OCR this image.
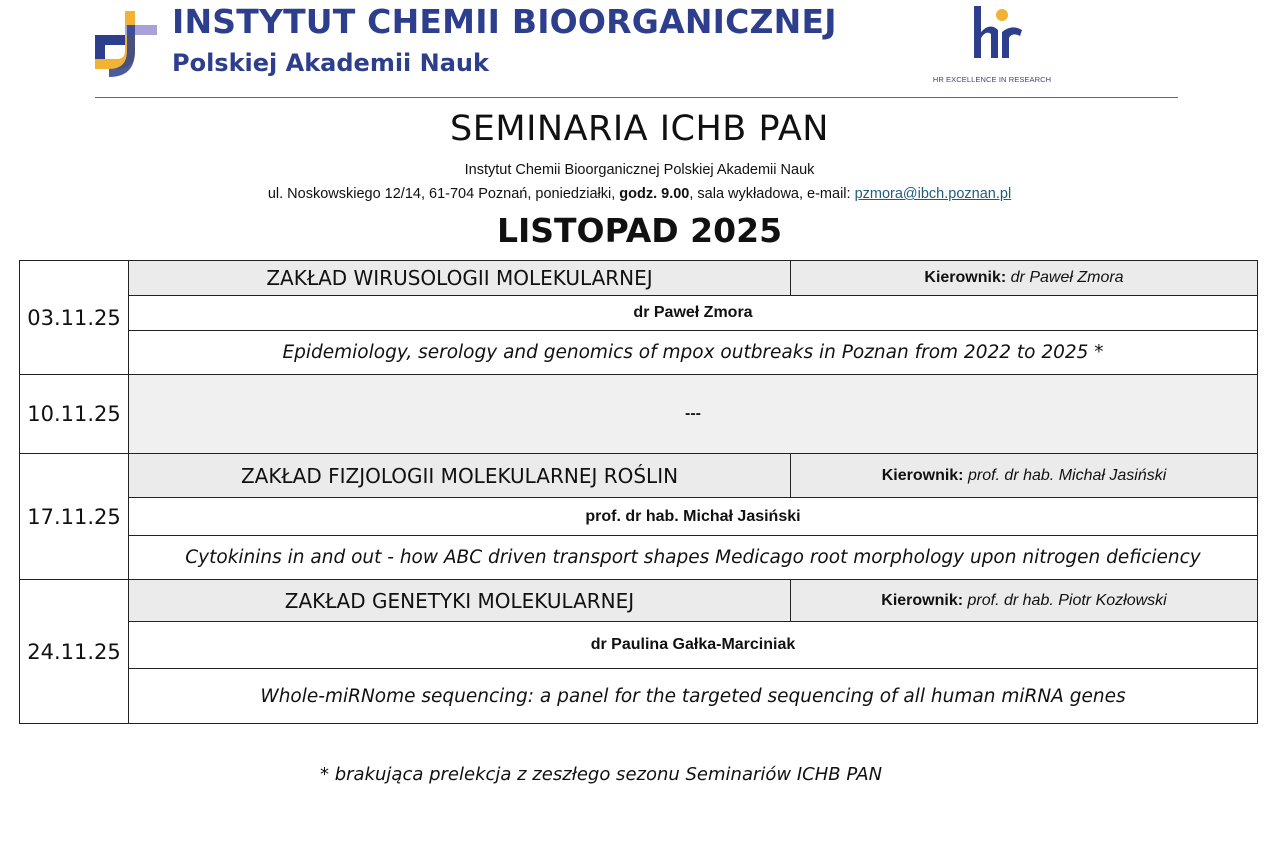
INSTYTUT CHEMII BIOORGANICZNEJ
Polskiej Akademii Nauk
HR EXCELLENCE IN RESEARCH
SEMINARIA ICHB PAN
Instytut Chemii Bioorganicznej Polskiej Akademii Nauk
ul. Noskowskiego 12/14, 61-704 Poznań, poniedziałki, godz. 9.00, sala wykładowa, e-mail: pzmora@ibch.poznan.pl
LISTOPAD 2025
03.11.25	ZAKŁAD WIRUSOLOGII MOLEKULARNEJ	Kierownik: dr Paweł Zmora
	dr Paweł Zmora	
	Epidemiology, serology and genomics of mpox outbreaks in Poznan from 2022 to 2025 *	
10.11.25	---	
17.11.25	ZAKŁAD FIZJOLOGII MOLEKULARNEJ ROŚLIN	Kierownik: prof. dr hab. Michał Jasiński
	prof. dr hab. Michał Jasiński	
	Cytokinins in and out - how ABC driven transport shapes Medicago root morphology upon nitrogen deficiency	
24.11.25	ZAKŁAD GENETYKI MOLEKULARNEJ	Kierownik: prof. dr hab. Piotr Kozłowski
	dr Paulina Gałka-Marciniak	
	Whole-miRNome sequencing: a panel for the targeted sequencing of all human miRNA genes	
* brakująca prelekcja z zeszłego sezonu Seminariów ICHB PAN
